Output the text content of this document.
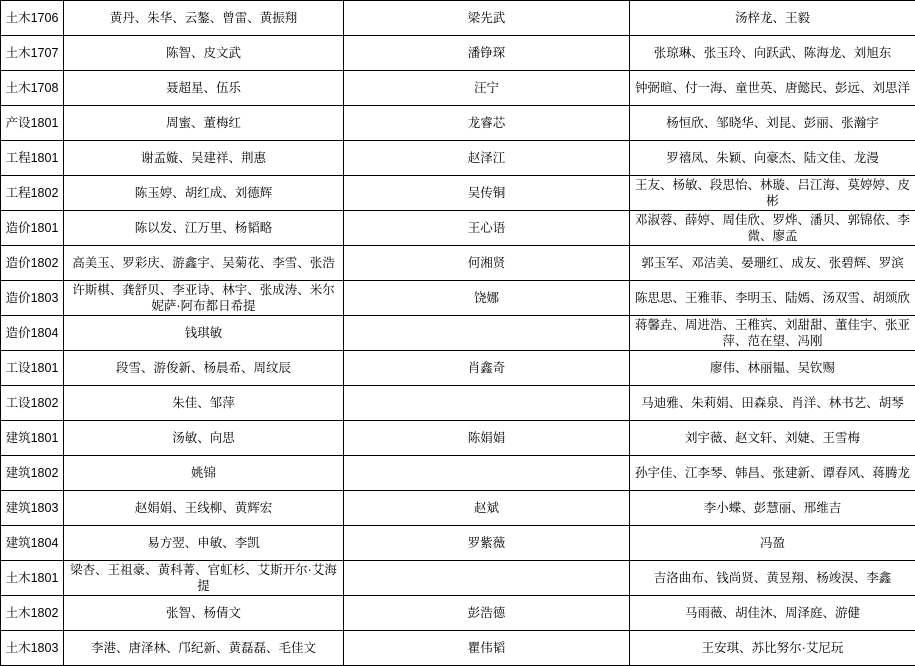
土木1706	黄丹、朱华、云鏊、曾雷、黄振翔	梁先武	汤梓龙、王毅
土木1707	陈智、皮文武	潘铮琛	张琼琳、张玉玲、向跃武、陈海龙、刘旭东
土木1708	聂超星、伍乐	汪宁	钟弼暄、付一海、童世英、唐懿民、彭远、刘思洋
产设1801	周蜜、董梅红	龙睿芯	杨恒欣、邹晓华、刘昆、彭丽、张瀚宇
工程1801	谢孟嫙、吴建祥、荆惠	赵泽江	罗禧凤、朱颖、向豪杰、陆文佳、龙漫
工程1802	陈玉婷、胡红成、刘德辉	吴传铜	王友、杨敏、段思怡、林璇、吕江海、莫婷婷、皮彬
造价1801	陈以发、江万里、杨韬略	王心语	邓淑蓉、薛婷、周佳欣、罗烨、潘贝、郭锦依、李微、廖孟
造价1802	高美玉、罗彩庆、游鑫宇、吴菊花、李雪、张浩	何湘贤	郭玉军、邓洁美、晏珊红、成友、张碧辉、罗滨
造价1803	许斯棋、龚舒贝、李亚诗、林宇、张成涛、米尔妮萨·阿布都日希提	饶娜	陈思思、王雅菲、李明玉、陆嫣、汤双雪、胡颂欣
造价1804	钱琪敏		蒋馨垚、周进浩、王稚宾、刘甜甜、董佳宇、张亚萍、范在望、冯刚
工设1801	段雪、游俊新、杨晨希、周纹辰	肖鑫奇	廖伟、林丽韫、吴钦赐
工设1802	朱佳、邹萍		马迪雅、朱莉娟、田森泉、肖洋、林书艺、胡琴
建筑1801	汤敏、向思	陈娟娟	刘宇薇、赵文轩、刘婕、王雪梅
建筑1802	姚锦		孙宇佳、江李琴、韩昌、张建新、谭春风、蒋腾龙
建筑1803	赵娟娟、王线柳、黄辉宏	赵斌	李小蝶、彭慧丽、邢维吉
建筑1804	易方翌、申敏、李凯	罗紫薇	冯盈
土木1801	梁杏、王祖豪、黄科菁、官虹杉、艾斯开尔·艾海提		吉洛曲布、钱尚贤、黄昱翔、杨竣淏、李鑫
土木1802	张智、杨倩文	彭浩德	马雨薇、胡佳沐、周泽庭、游健
土木1803	李港、唐泽林、邝纪新、黄磊磊、毛佳文	瞿伟韬	王安琪、苏比努尔·艾尼玩
